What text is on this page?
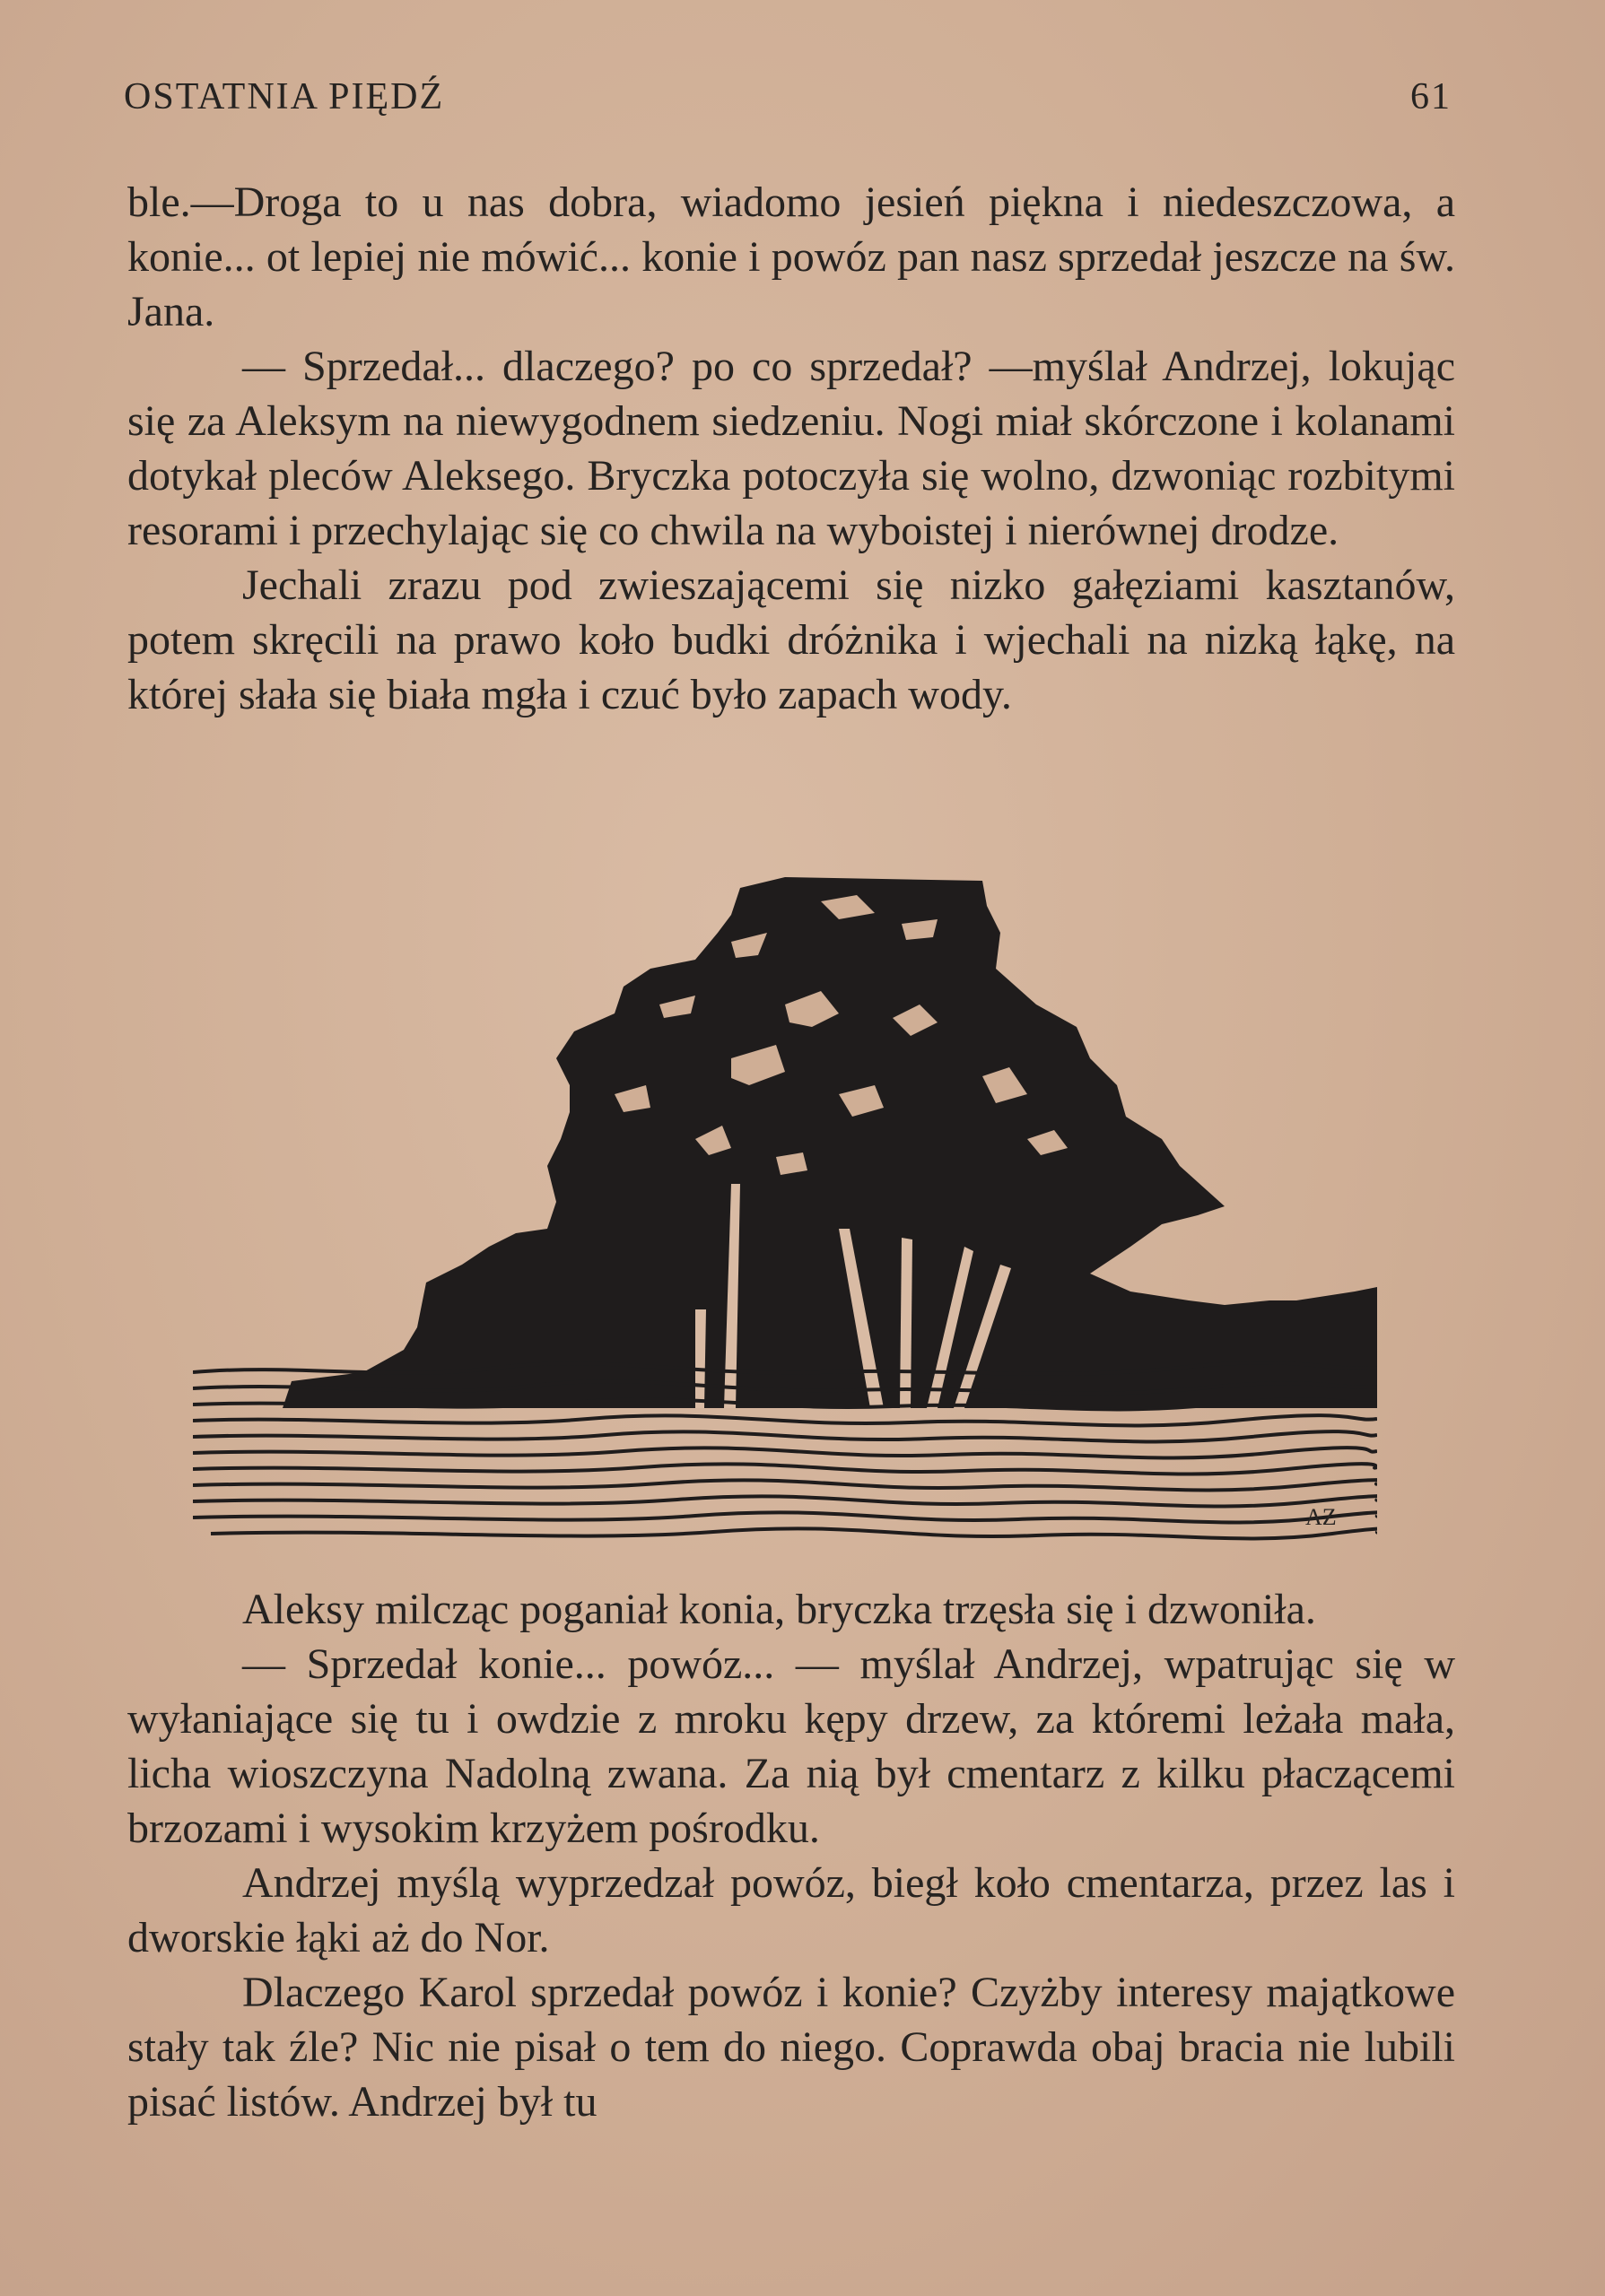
OSTATNIA PIĘDŹ	61

ble.—Droga to u nas dobra, wiadomo jesień piękna i niedeszczowa, a konie... ot lepiej nie mówić... konie i powóz pan nasz sprzedał jeszcze na św. Jana.

— Sprzedał... dlaczego? po co sprzedał? —myślał Andrzej, lokując się za Aleksym na niewygodnem siedzeniu. Nogi miał skórczone i kolanami dotykał pleców Aleksego. Bryczka potoczyła się wolno, dzwoniąc rozbitymi resorami i przechylając się co chwila na wyboistej i nierównej drodze.

Jechali zrazu pod zwieszającemi się nizko gałęziami kasztanów, potem skręcili na prawo koło budki dróżnika i wjechali na nizką łąkę, na której słała się biała mgła i czuć było zapach wody.

AZ

Aleksy milcząc poganiał konia, bryczka trzęsła się i dzwoniła.

— Sprzedał konie... powóz... — myślał Andrzej, wpatrując się w wyłaniające się tu i owdzie z mroku kępy drzew, za któremi leżała mała, licha wioszczyna Nadolną zwana. Za nią był cmentarz z kilku płaczącemi brzozami i wysokim krzyżem pośrodku.

Andrzej myślą wyprzedzał powóz, biegł koło cmentarza, przez las i dworskie łąki aż do Nor.

Dlaczego Karol sprzedał powóz i konie? Czyżby interesy majątkowe stały tak źle? Nic nie pisał o tem do niego. Coprawda obaj bracia nie lubili pisać listów. Andrzej był tu
